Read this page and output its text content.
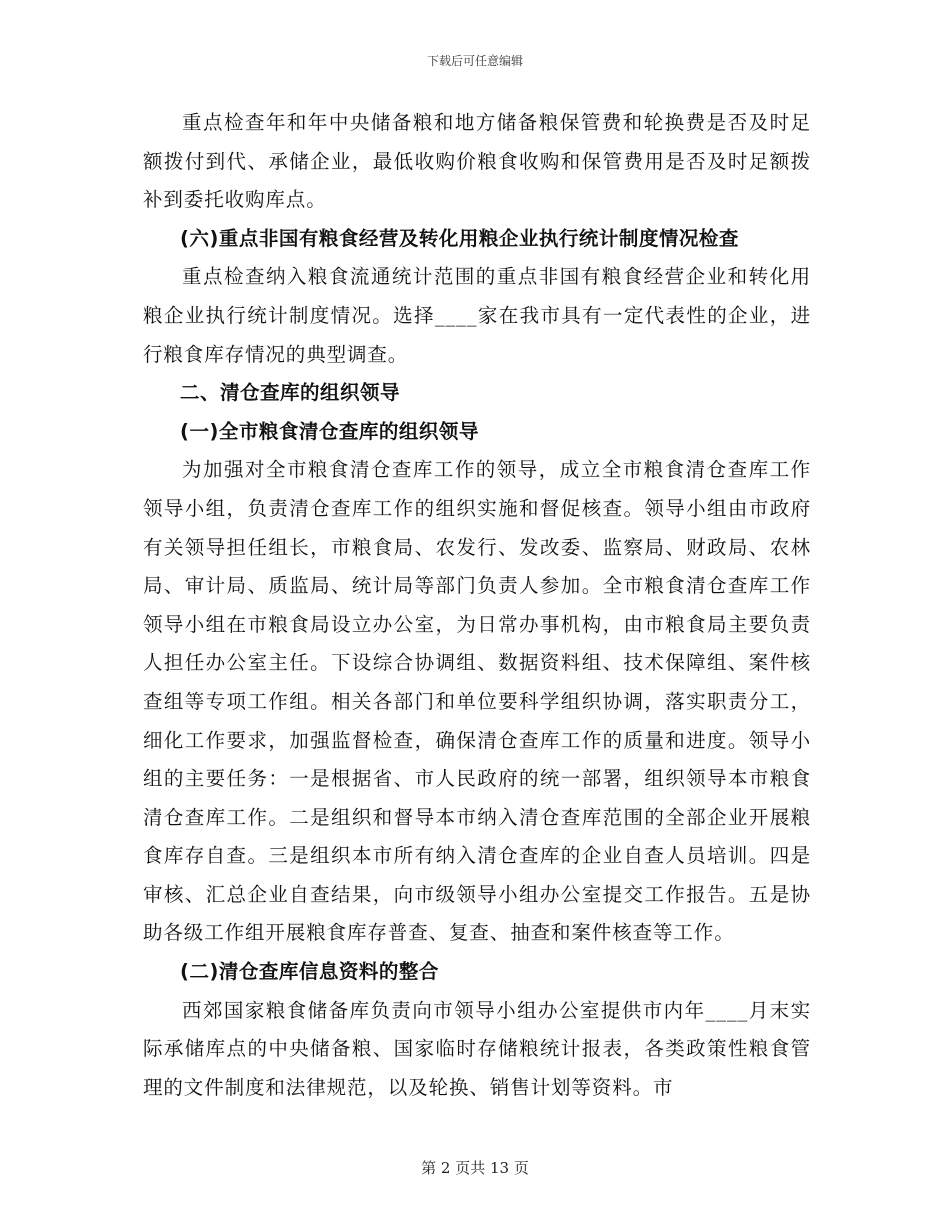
下载后可任意编辑

重点检查年和年中央储备粮和地方储备粮保管费和轮换费是否及时足额拨付到代、承储企业，最低收购价粮食收购和保管费用是否及时足额拨补到委托收购库点。

(六)重点非国有粮食经营及转化用粮企业执行统计制度情况检查

重点检查纳入粮食流通统计范围的重点非国有粮食经营企业和转化用粮企业执行统计制度情况。选择____家在我市具有一定代表性的企业，进行粮食库存情况的典型调查。

二、清仓查库的组织领导

(一)全市粮食清仓查库的组织领导

为加强对全市粮食清仓查库工作的领导，成立全市粮食清仓查库工作领导小组，负责清仓查库工作的组织实施和督促核查。领导小组由市政府有关领导担任组长，市粮食局、农发行、发改委、监察局、财政局、农林局、审计局、质监局、统计局等部门负责人参加。全市粮食清仓查库工作领导小组在市粮食局设立办公室，为日常办事机构，由市粮食局主要负责人担任办公室主任。下设综合协调组、数据资料组、技术保障组、案件核查组等专项工作组。相关各部门和单位要科学组织协调，落实职责分工，细化工作要求，加强监督检查，确保清仓查库工作的质量和进度。领导小组的主要任务：一是根据省、市人民政府的统一部署，组织领导本市粮食清仓查库工作。二是组织和督导本市纳入清仓查库范围的全部企业开展粮食库存自查。三是组织本市所有纳入清仓查库的企业自查人员培训。四是审核、汇总企业自查结果，向市级领导小组办公室提交工作报告。五是协助各级工作组开展粮食库存普查、复查、抽查和案件核查等工作。

(二)清仓查库信息资料的整合

西郊国家粮食储备库负责向市领导小组办公室提供市内年____月末实际承储库点的中央储备粮、国家临时存储粮统计报表，各类政策性粮食管理的文件制度和法律规范，以及轮换、销售计划等资料。市

第 2 页共 13 页
